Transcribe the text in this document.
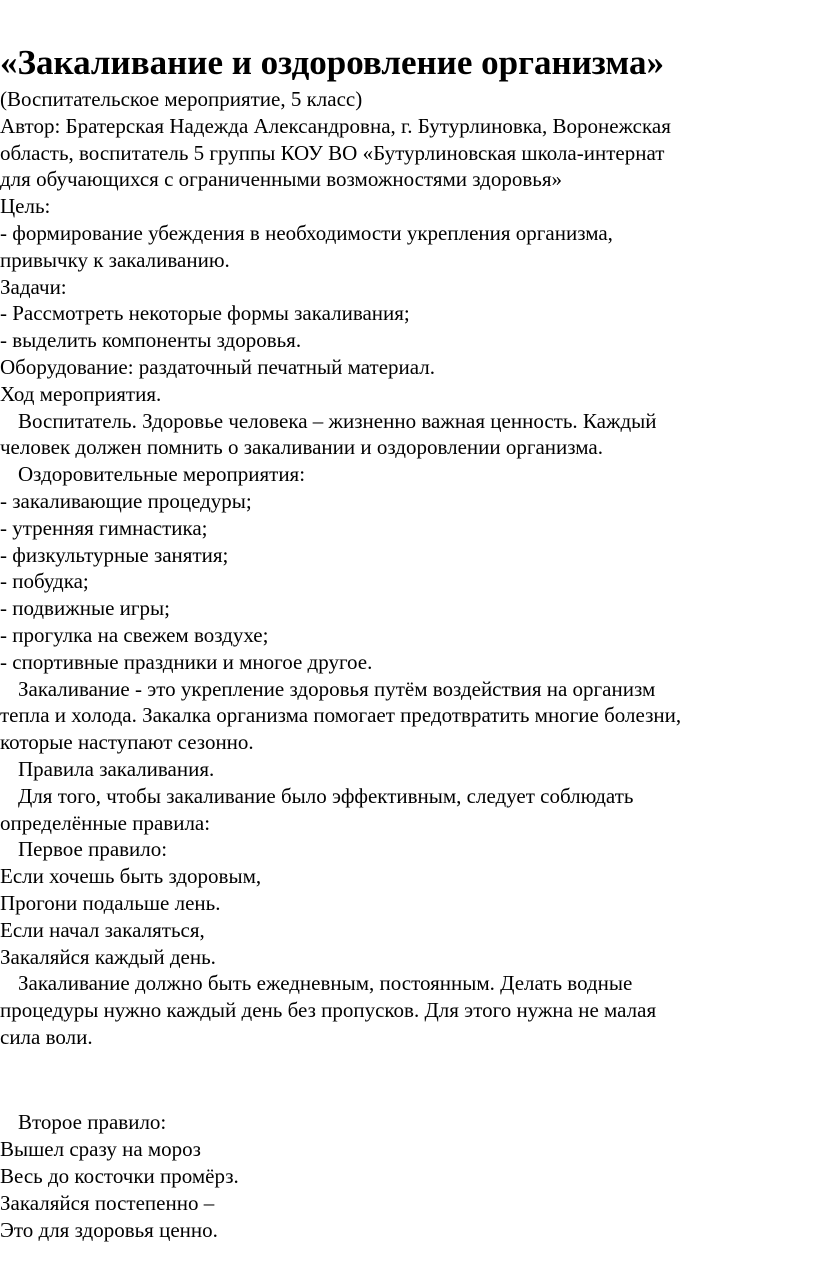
«Закаливание и оздоровление организма»

(Воспитательское мероприятие, 5 класс)

Автор: Братерская Надежда Александровна, г. Бутурлиновка, Воронежская

область, воспитатель 5 группы КОУ ВО «Бутурлиновская школа-интернат

для обучающихся с ограниченными возможностями здоровья»

Цель:

- формирование убеждения в необходимости укрепления организма,

привычку к закаливанию.

Задачи:

- Рассмотреть некоторые формы закаливания;

- выделить компоненты здоровья.

Оборудование: раздаточный печатный материал.

Ход мероприятия.

Воспитатель. Здоровье человека – жизненно важная ценность. Каждый

человек должен помнить о закаливании и оздоровлении организма.

Оздоровительные мероприятия:

- закаливающие процедуры;

- утренняя гимнастика;

- физкультурные занятия;

- побудка;

- подвижные игры;

- прогулка на свежем воздухе;

- спортивные праздники и многое другое.

Закаливание - это укрепление здоровья путём воздействия на организм

тепла и холода. Закалка организма помогает предотвратить многие болезни,

которые наступают сезонно.

Правила закаливания.

Для того, чтобы закаливание было эффективным, следует соблюдать

определённые правила:

Первое правило:

Если хочешь быть здоровым,

Прогони подальше лень.

Если начал закаляться,

Закаляйся каждый день.

Закаливание должно быть ежедневным, постоянным. Делать водные

процедуры нужно каждый день без пропусков. Для этого нужна не малая

сила воли.

Второе правило:

Вышел сразу на мороз

Весь до косточки промёрз.

Закаляйся постепенно –

Это для здоровья ценно.
